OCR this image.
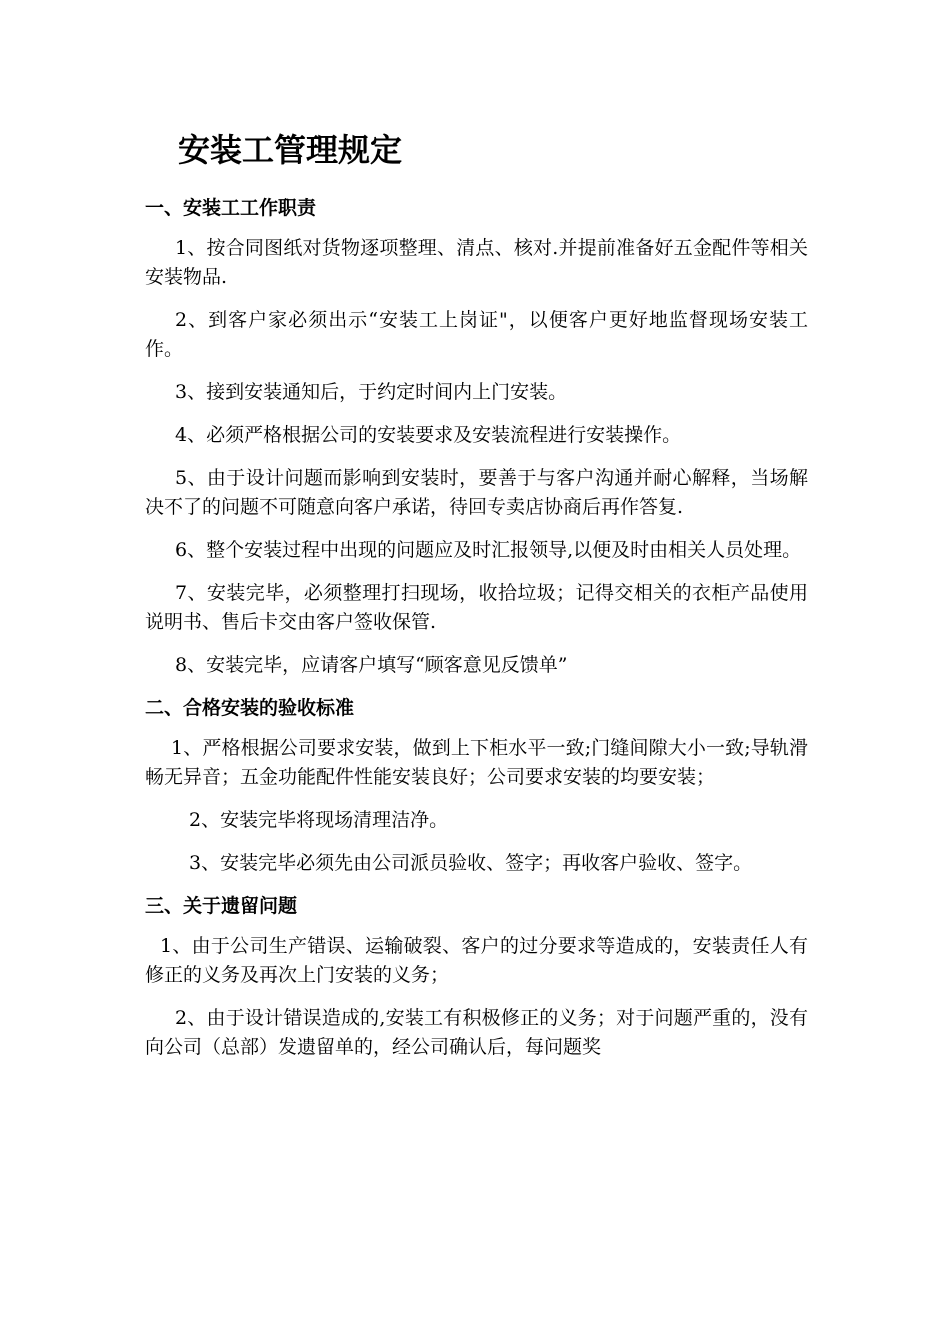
安装工管理规定
一、安装工工作职责

1、按合同图纸对货物逐项整理、清点、核对.并提前准备好五金配件等相关安装物品.

2、到客户家必须出示“安装工上岗证"，以便客户更好地监督现场安装工作。

3、接到安装通知后，于约定时间内上门安装。

4、必须严格根据公司的安装要求及安装流程进行安装操作。

5、由于设计问题而影响到安装时，要善于与客户沟通并耐心解释，当场解决不了的问题不可随意向客户承诺，待回专卖店协商后再作答复.

6、整个安装过程中出现的问题应及时汇报领导,以便及时由相关人员处理。

7、安装完毕，必须整理打扫现场，收拾垃圾；记得交相关的衣柜产品使用说明书、售后卡交由客户签收保管.

8、安装完毕，应请客户填写“顾客意见反馈单”

二、合格安装的验收标准

1、严格根据公司要求安装，做到上下柜水平一致;门缝间隙大小一致;导轨滑畅无异音；五金功能配件性能安装良好；公司要求安装的均要安装；

2、安装完毕将现场清理洁净。

3、安装完毕必须先由公司派员验收、签字；再收客户验收、签字。

三、关于遗留问题

1、由于公司生产错误、运输破裂、客户的过分要求等造成的，安装责任人有修正的义务及再次上门安装的义务；

2、由于设计错误造成的,安装工有积极修正的义务；对于问题严重的，没有向公司（总部）发遗留单的，经公司确认后，每问题奖
